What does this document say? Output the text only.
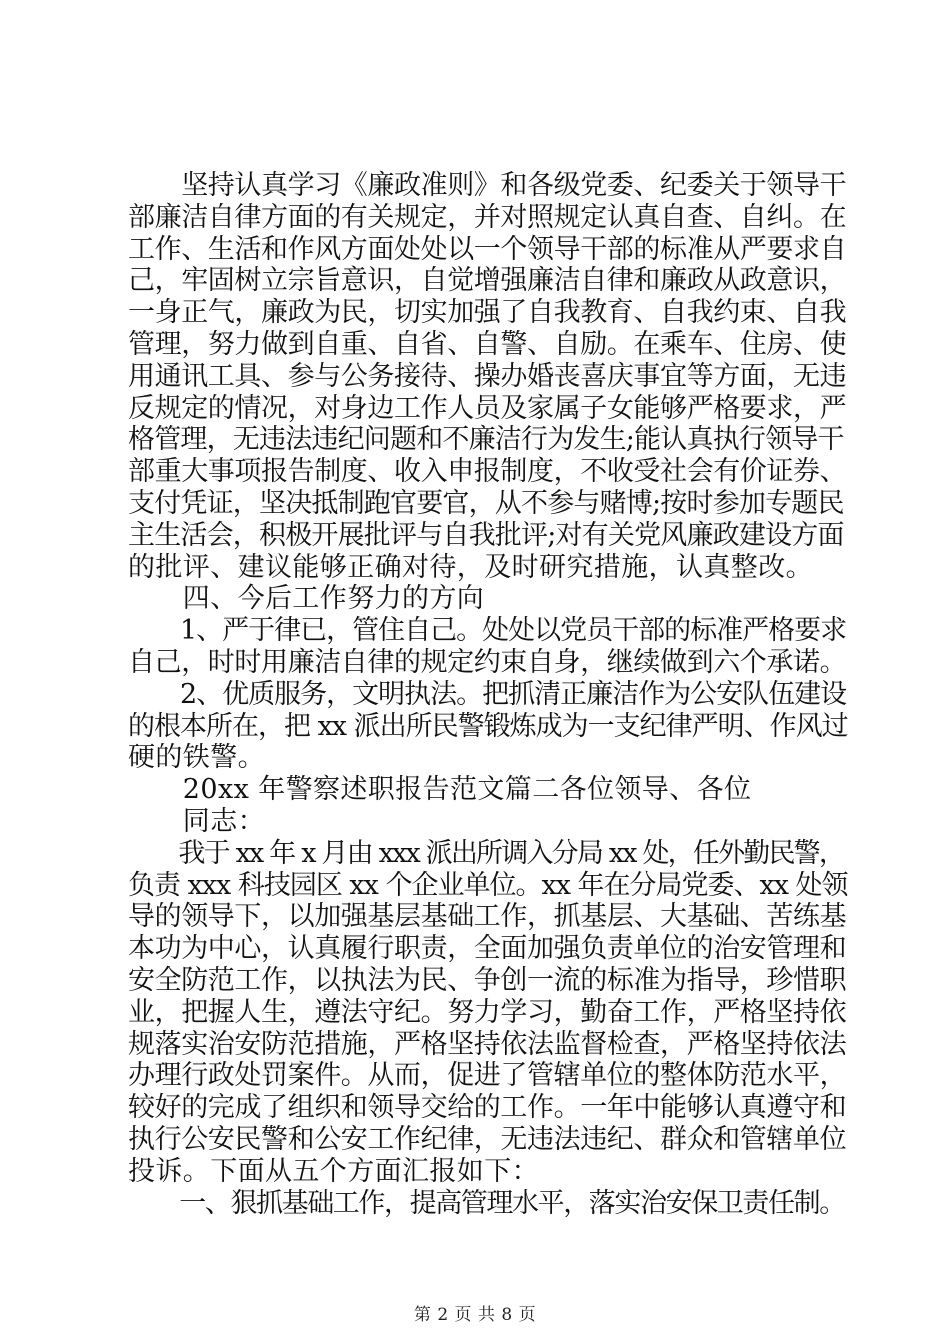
　　坚持认真学习《廉政准则》和各级党委、纪委关于领导干
部廉洁自律方面的有关规定，并对照规定认真自查、自纠。在
工作、生活和作风方面处处以一个领导干部的标准从严要求自
己，牢固树立宗旨意识，自觉增强廉洁自律和廉政从政意识，
一身正气，廉政为民，切实加强了自我教育、自我约束、自我
管理，努力做到自重、自省、自警、自励。在乘车、住房、使
用通讯工具、参与公务接待、操办婚丧喜庆事宜等方面，无违
反规定的情况，对身边工作人员及家属子女能够严格要求，严
格管理，无违法违纪问题和不廉洁行为发生;能认真执行领导干
部重大事项报告制度、收入申报制度，不收受社会有价证券、
支付凭证，坚决抵制跑官要官，从不参与赌博;按时参加专题民
主生活会，积极开展批评与自我批评;对有关党风廉政建设方面
的批评、建议能够正确对待，及时研究措施，认真整改。
　　四、今后工作努力的方向
　　1、严于律已，管住自己。处处以党员干部的标准严格要求
自己，时时用廉洁自律的规定约束自身，继续做到六个承诺。
　　2、优质服务，文明执法。把抓清正廉洁作为公安队伍建设
的根本所在，把 xx 派出所民警锻炼成为一支纪律严明、作风过
硬的铁警。
　　20xx 年警察述职报告范文篇二各位领导、各位
　　同志：
　　我于 xx 年 x 月由 xxx 派出所调入分局 xx 处，任外勤民警，
负责 xxx 科技园区 xx 个企业单位。xx 年在分局党委、xx 处领
导的领导下，以加强基层基础工作，抓基层、大基础、苦练基
本功为中心，认真履行职责，全面加强负责单位的治安管理和
安全防范工作，以执法为民、争创一流的标准为指导，珍惜职
业，把握人生，遵法守纪。努力学习，勤奋工作，严格坚持依
规落实治安防范措施，严格坚持依法监督检查，严格坚持依法
办理行政处罚案件。从而，促进了管辖单位的整体防范水平，
较好的完成了组织和领导交给的工作。一年中能够认真遵守和
执行公安民警和公安工作纪律，无违法违纪、群众和管辖单位
投诉。下面从五个方面汇报如下：
　　一、狠抓基础工作，提高管理水平，落实治安保卫责任制。
第 2 页 共 8 页
